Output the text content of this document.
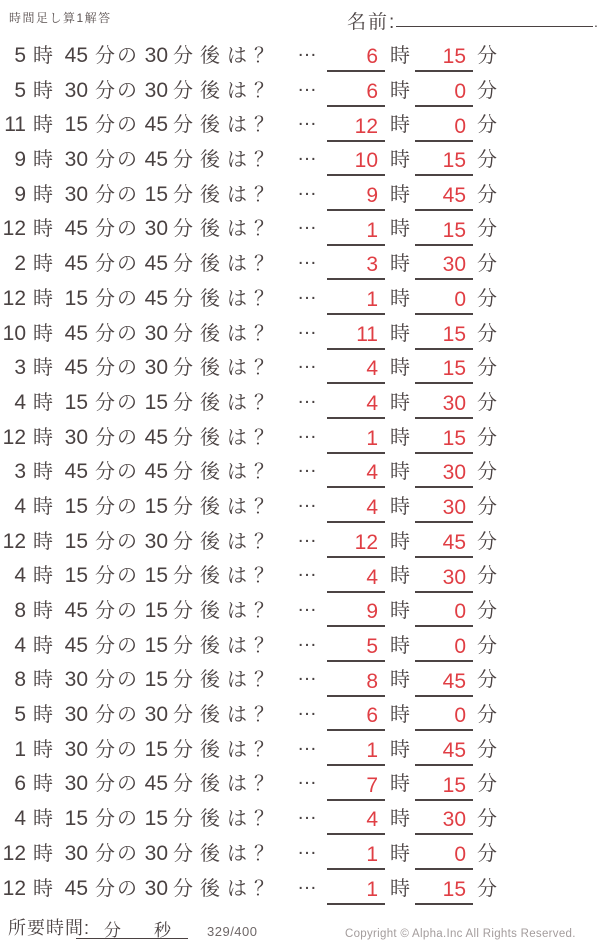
時間足し算1解答	名前:	.
5 時 45 分の 30 分後は？ …	6 時	15 分
5 時 30 分の 30 分後は？ …	6 時	0 分
11 時 15 分の 45 分後は？ …	12 時	0 分
9 時 30 分の 45 分後は？ …	10 時	15 分
9 時 30 分の 15 分後は？ …	9 時	45 分
12 時 45 分の 30 分後は？ …	1 時	15 分
2 時 45 分の 45 分後は？ …	3 時	30 分
12 時 15 分の 45 分後は？ …	1 時	0 分
10 時 45 分の 30 分後は？ …	11 時	15 分
3 時 45 分の 30 分後は？ …	4 時	15 分
4 時 15 分の 15 分後は？ …	4 時	30 分
12 時 30 分の 45 分後は？ …	1 時	15 分
3 時 45 分の 45 分後は？ …	4 時	30 分
4 時 15 分の 15 分後は？ …	4 時	30 分
12 時 15 分の 30 分後は？ …	12 時	45 分
4 時 15 分の 15 分後は？ …	4 時	30 分
8 時 45 分の 15 分後は？ …	9 時	0 分
4 時 45 分の 15 分後は？ …	5 時	0 分
8 時 30 分の 15 分後は？ …	8 時	45 分
5 時 30 分の 30 分後は？ …	6 時	0 分
1 時 30 分の 15 分後は？ …	1 時	45 分
6 時 30 分の 45 分後は？ …	7 時	15 分
4 時 15 分の 15 分後は？ …	4 時	30 分
12 時 30 分の 30 分後は？ …	1 時	0 分
12 時 45 分の 30 分後は？ …	1 時	15 分
所要時間: 分 秒	329/400	Copyright © Alpha.Inc All Rights Reserved.
